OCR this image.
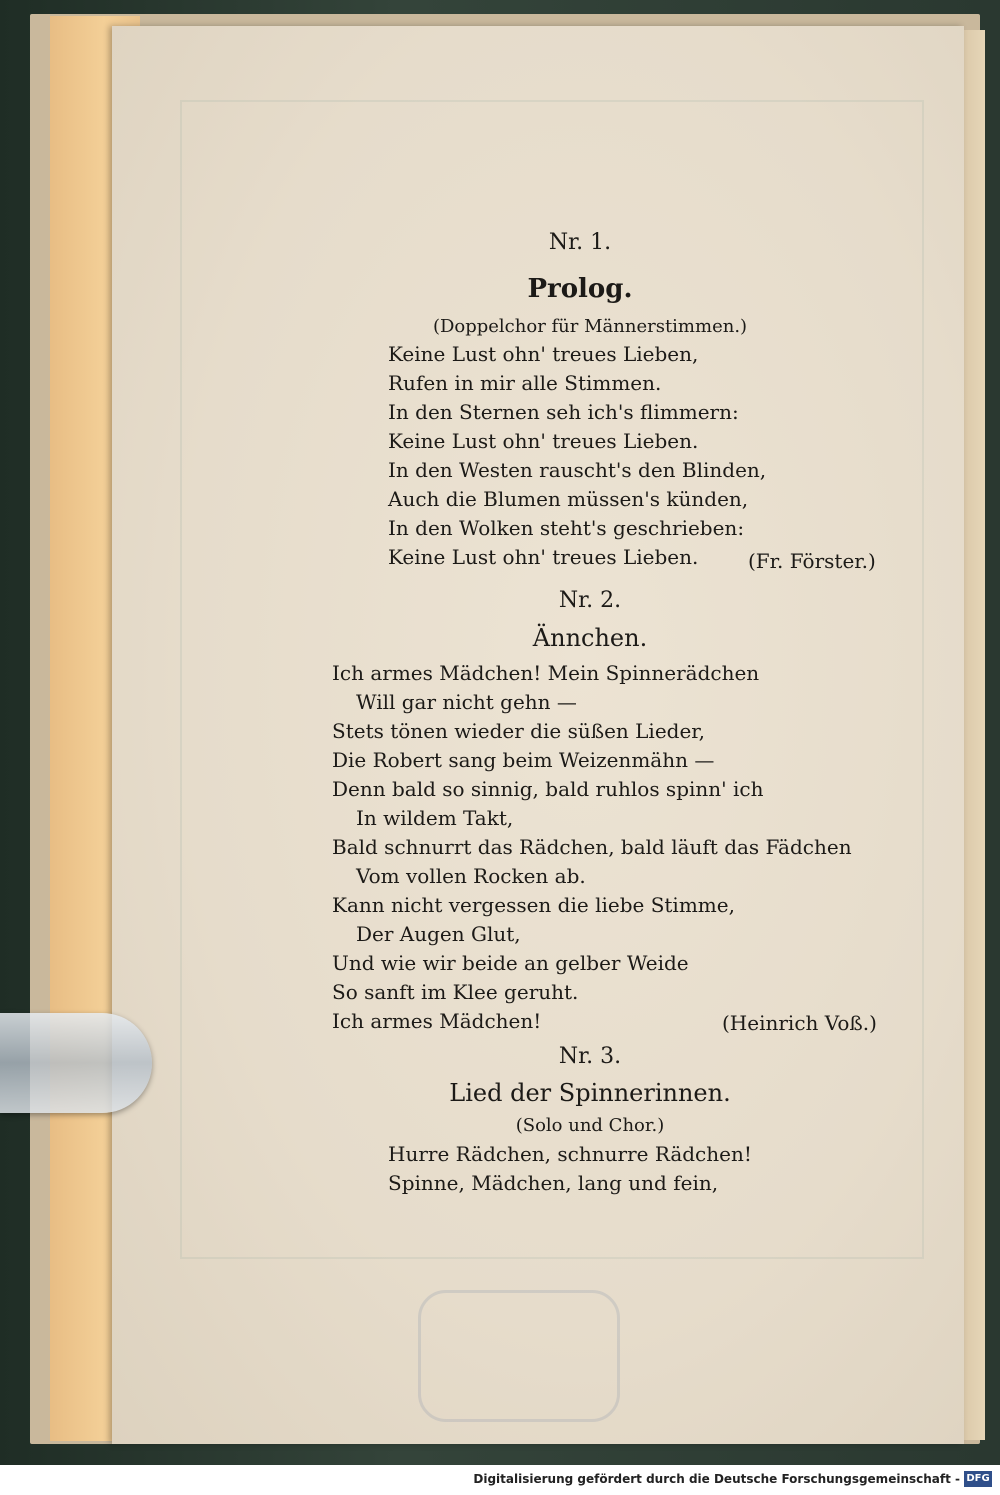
Nr. 1.
Prolog.
(Doppelchor für Männerstimmen.)
Keine Lust ohn' treues Lieben,
Rufen in mir alle Stimmen.
In den Sternen seh ich's flimmern:
Keine Lust ohn' treues Lieben.
In den Westen rauscht's den Blinden,
Auch die Blumen müssen's künden,
In den Wolken steht's geschrieben:
Keine Lust ohn' treues Lieben. (Fr. Förster.)
Nr. 2.
Ännchen.
Ich armes Mädchen! Mein Spinnerädchen
Will gar nicht gehn —
Stets tönen wieder die süßen Lieder,
Die Robert sang beim Weizenmähn —
Denn bald so sinnig, bald ruhlos spinn' ich
In wildem Takt,
Bald schnurrt das Rädchen, bald läuft das Fädchen
Vom vollen Rocken ab.
Kann nicht vergessen die liebe Stimme,
Der Augen Glut,
Und wie wir beide an gelber Weide
So sanft im Klee geruht.
Ich armes Mädchen!	(Heinrich Voß.)
Nr. 3.
Lied der Spinnerinnen.
(Solo und Chor.)
Hurre Rädchen, schnurre Rädchen!
Spinne, Mädchen, lang und fein,
Digitalisierung gefördert durch die Deutsche Forschungsgemeinschaft - DFG
